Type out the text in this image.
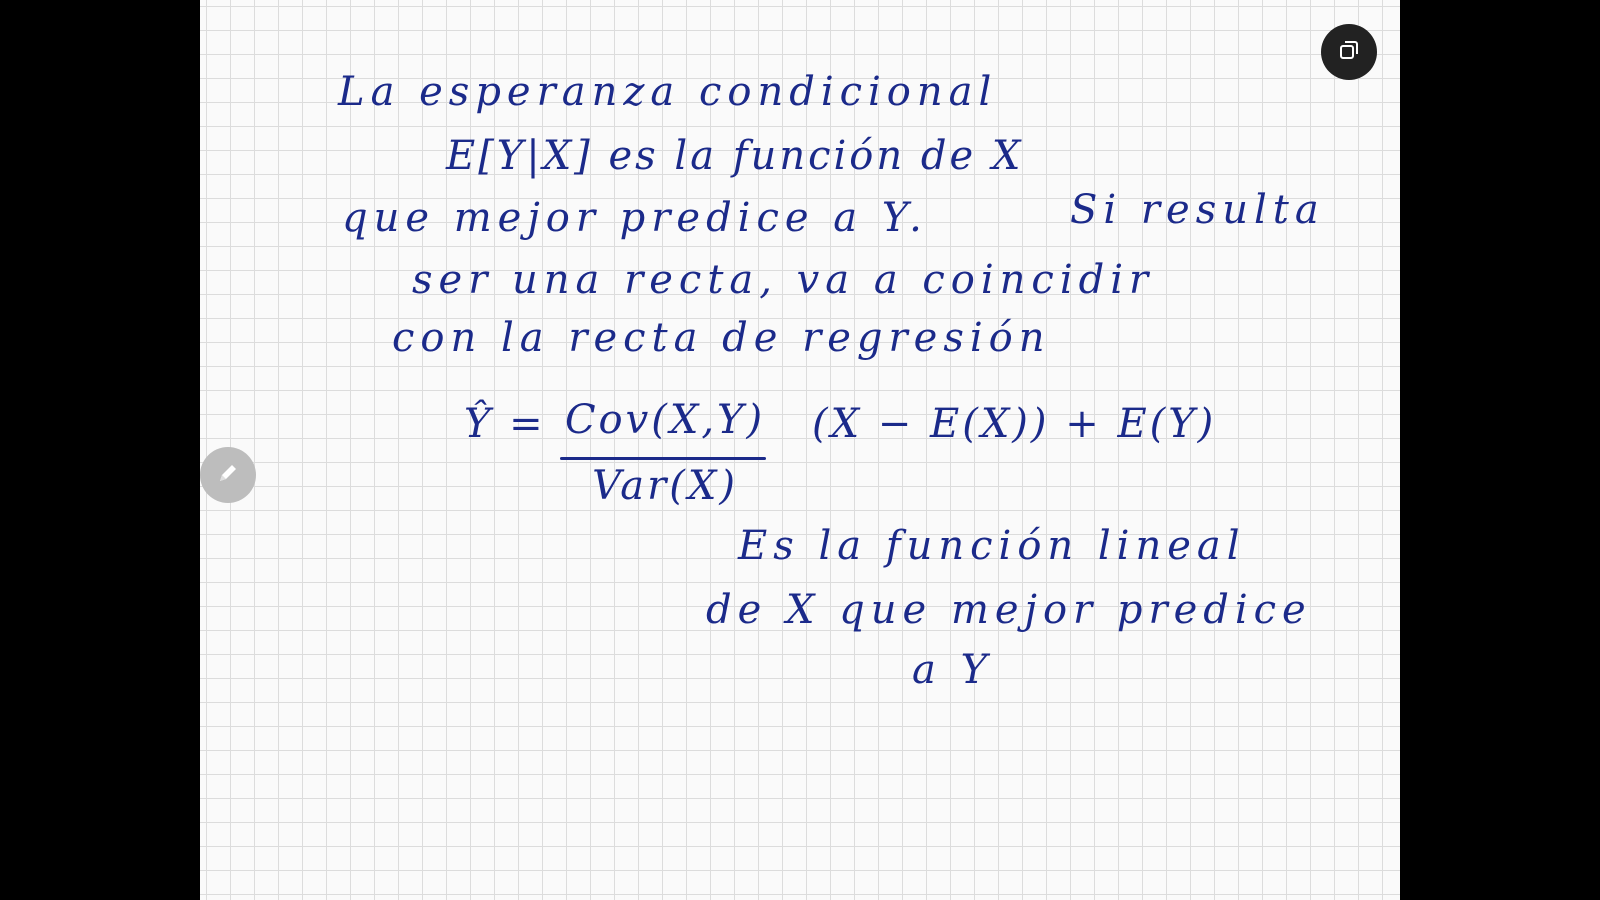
La esperanza condicional
E[Y|X] es la función de X
que mejor predice a Y.	Si resulta
ser una recta, va a coincidir
con la recta de regresión
Ŷ = Cov(X,Y)
Var(X)
(X − E(X)) + E(Y)
Es la función lineal
de X que mejor predice
a Y
